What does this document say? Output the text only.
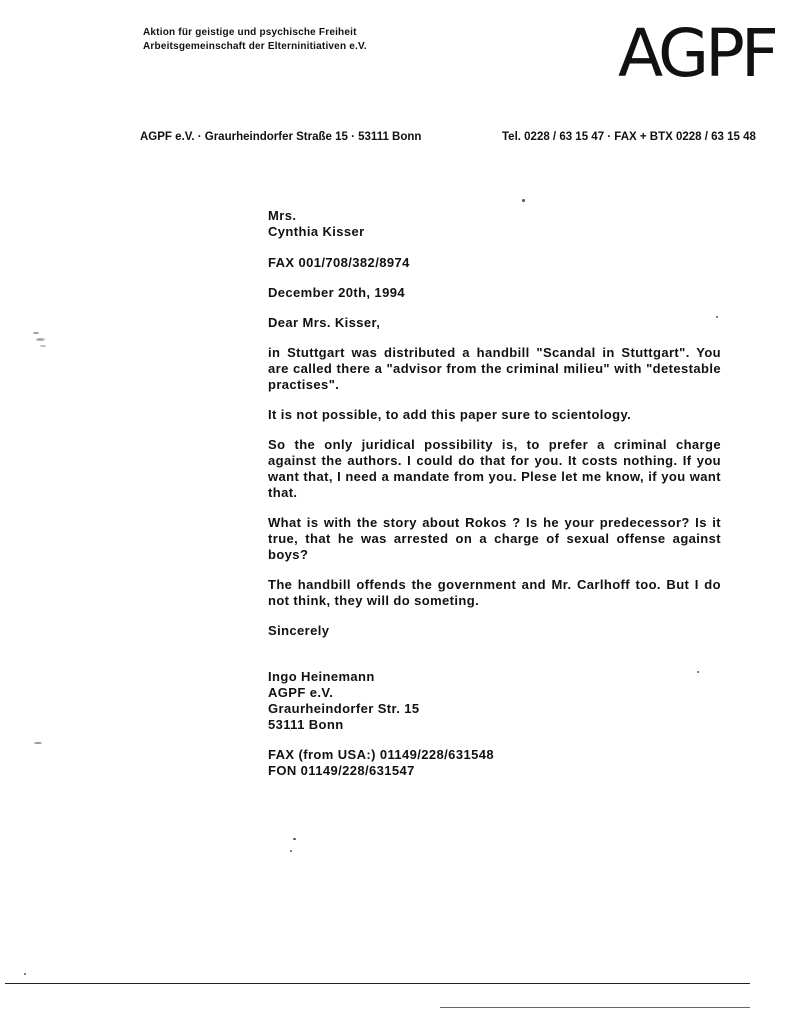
Aktion für geistige und psychische Freiheit
Arbeitsgemeinschaft der Elterninitiativen e.V.	AGPF
AGPF e.V. · Graurheindorfer Straße 15 · 53111 Bonn	Tel. 0228 / 63 15 47 · FAX + BTX 0228 / 63 15 48

Mrs.

Cynthia Kisser

FAX 001/708/382/8974

December 20th, 1994

Dear Mrs. Kisser,

in Stuttgart was distributed a handbill "Scandal in Stuttgart". You are called there a "advisor from the criminal milieu" with "detestable practises".

It is not possible, to add this paper sure to scientology.

So the only juridical possibility is, to prefer a criminal charge against the authors. I could do that for you. It costs nothing. If you want that, I need a mandate from you. Plese let me know, if you want that.

What is with the story about Rokos ? Is he your predecessor? Is it true, that he was arrested on a charge of sexual offense against boys?

The handbill offends the government and Mr. Carlhoff too. But I do not think, they will do someting.

Sincerely

Ingo Heinemann

AGPF e.V.

Graurheindorfer Str. 15

53111 Bonn

FAX (from USA:) 01149/228/631548

FON 01149/228/631547
